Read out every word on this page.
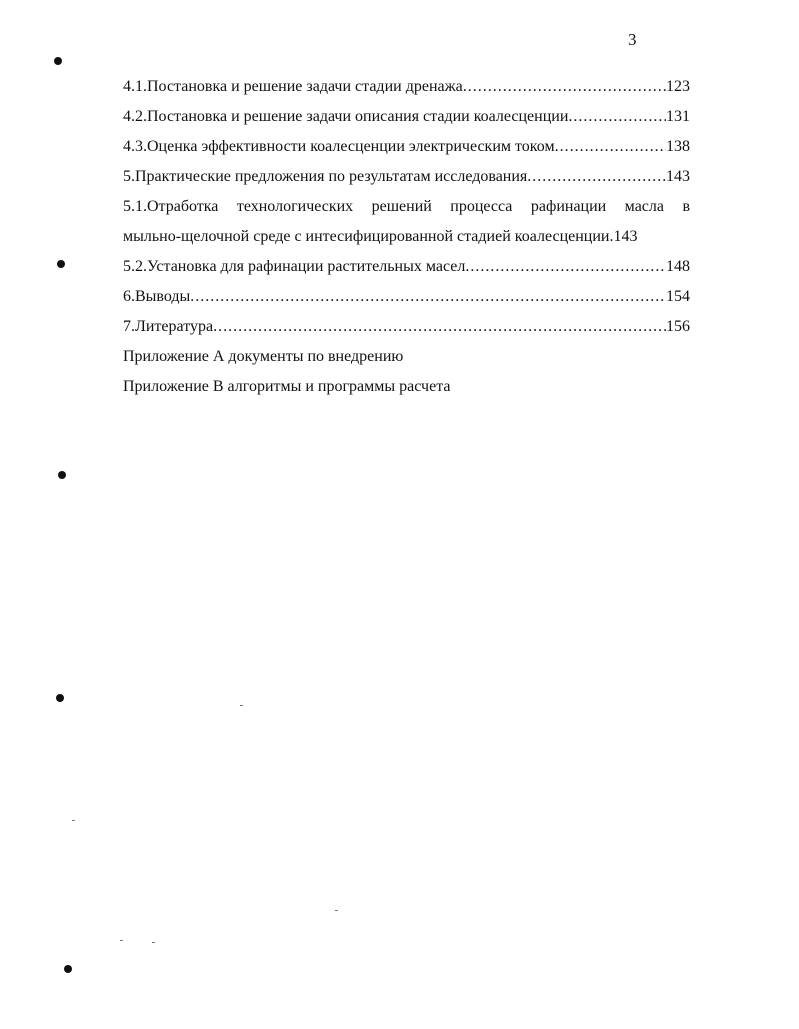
3
4.1.Постановка и решение задачи стадии дренажа .....	123
4.2.Постановка и решение задачи описания стадии коалесценции .....	131
4.3.Оценка эффективности коалесценции электрическим током .....	138
5.Практические предложения по результатам исследования .....	143
5.1.Отработка технологических решений процесса рафинации масла в
мыльно-щелочной среде с интесифицированной стадией коалесценции.143
5.2.Установка для рафинации растительных масел .....	148
6.Выводы .....	154
7.Литература .....	156
Приложение А документы по внедрению
Приложение В алгоритмы и программы расчета
